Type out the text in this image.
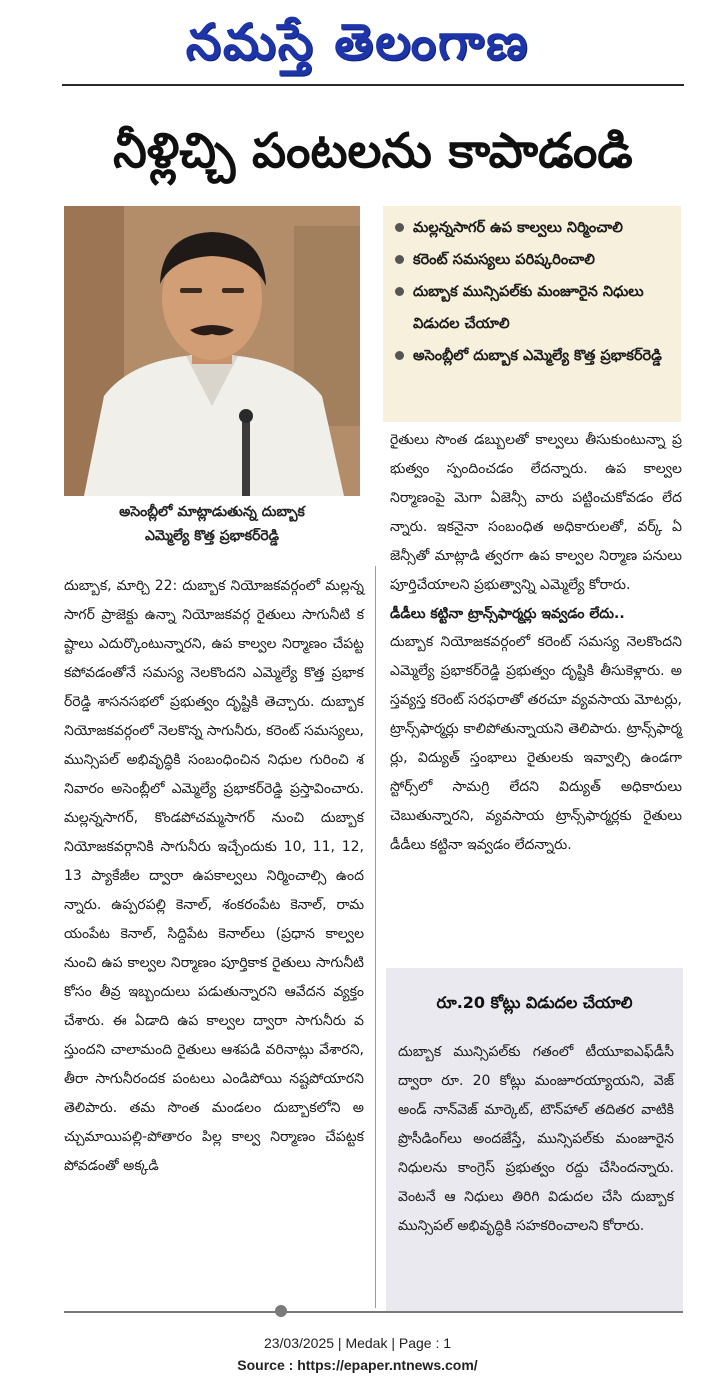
నమస్తే తెలంగాణ
నీళ్లిచ్చి పంటలను కాపాడండి
అసెంబ్లీలో మాట్లాడుతున్న దుబ్బాక
ఎమ్మెల్యే కొత్త ప్రభాకర్‌రెడ్డి
మల్లన్నసాగర్ ఉప కాల్వలు నిర్మించాలి
కరెంట్ సమస్యలు పరిష్కరించాలి
దుబ్బాక మున్సిపల్‌కు మంజూరైన నిధులు విడుదల చేయాలి
అసెంబ్లీలో దుబ్బాక ఎమ్మెల్యే కొత్త ప్రభాకర్‌రెడ్డి

దుబ్బాక, మార్చి 22: దుబ్బాక నియోజకవర్గంలో మల్లన్నసాగర్ ప్రాజెక్టు ఉన్నా నియోజకవర్గ రైతులు సాగునీటి కష్టాలు ఎదుర్కొంటున్నారని, ఉప కాల్వల నిర్మాణం చేపట్టకపోవడంతోనే సమస్య నెలకొందని ఎమ్మెల్యే కొత్త ప్రభాకర్‌రెడ్డి శాసనసభలో ప్రభుత్వం దృష్టికి తెచ్చారు. దుబ్బాక నియోజకవర్గంలో నెలకొన్న సాగునీరు, కరెంట్ సమస్యలు, మున్సిపల్ అభివృద్ధికి సంబంధించిన నిధుల గురించి శనివారం అసెంబ్లీలో ఎమ్మెల్యే ప్రభాకర్‌రెడ్డి ప్రస్తావించారు. మల్లన్నసాగర్, కొండపోచమ్మసాగర్ నుంచి దుబ్బాక నియోజకవర్గానికి సాగునీరు ఇచ్చేందుకు 10, 11, 12, 13 ప్యాకేజీల ద్వారా ఉపకాల్వలు నిర్మించాల్సి ఉందన్నారు. ఉప్పరపల్లి కెనాల్, శంకరంపేట కెనాల్, రామయంపేట కెనాల్, సిద్దిపేట కెనాల్‌లు (ప్రధాన కాల్వల నుంచి ఉప కాల్వల నిర్మాణం పూర్తికాక రైతులు సాగునీటి కోసం తీవ్ర ఇబ్బందులు పడుతున్నారని ఆవేదన వ్యక్తం చేశారు. ఈ ఏడాది ఉప కాల్వల ద్వారా సాగునీరు వస్తుందని చాలామంది రైతులు ఆశపడి వరినాట్లు వేశారని, తీరా సాగునీరందక పంటలు ఎండిపోయి నష్టపోయారని తెలిపారు. తమ సొంత మండలం దుబ్బాకలోని అచ్చుమాయిపల్లి-పోతారం పిల్ల కాల్వ నిర్మాణం చేపట్టకపోవడంతో అక్కడి

రైతులు సొంత డబ్బులతో కాల్వలు తీసుకుంటున్నా ప్రభుత్వం స్పందించడం లేదన్నారు. ఉప కాల్వల నిర్మాణంపై మెగా ఏజెన్సీ వారు పట్టించుకోవడం లేదన్నారు. ఇకనైనా సంబంధిత అధికారులతో, వర్క్ ఏజెన్సీతో మాట్లాడి త్వరగా ఉప కాల్వల నిర్మాణ పనులు పూర్తిచేయాలని ప్రభుత్వాన్ని ఎమ్మెల్యే కోరారు.

డీడీలు కట్టినా ట్రాన్స్‌ఫార్మర్లు ఇవ్వడం లేదు..

దుబ్బాక నియోజకవర్గంలో కరెంట్ సమస్య నెలకొందని ఎమ్మెల్యే ప్రభాకర్‌రెడ్డి ప్రభుత్వం దృష్టికి తీసుకెళ్లారు. అస్తవ్యస్త కరెంట్ సరఫరాతో తరచూ వ్యవసాయ మోటర్లు, ట్రాన్స్‌ఫార్మర్లు కాలిపోతున్నాయని తెలిపారు. ట్రాన్స్‌ఫార్మర్లు, విద్యుత్ స్తంభాలు రైతులకు ఇవ్వాల్సి ఉండగా స్టోర్స్‌లో సామగ్రి లేదని విద్యుత్ అధికారులు చెబుతున్నారని, వ్యవసాయ ట్రాన్స్‌ఫార్మర్లకు రైతులు డీడీలు కట్టినా ఇవ్వడం లేదన్నారు.

రూ.20 కోట్లు విడుదల చేయాలి
దుబ్బాక మున్సిపల్‌కు గతంలో టీయూఐఎఫ్‌డీసీ ద్వారా రూ. 20 కోట్లు మంజూరయ్యాయని, వెజ్ అండ్ నాన్‌వెజ్ మార్కెట్, టౌన్‌హాల్ తదితర వాటికి ప్రొసీడింగ్‌లు అందజేస్తే, మున్సిపల్‌కు మంజూరైన నిధులను కాంగ్రెస్ ప్రభుత్వం రద్దు చేసిందన్నారు. వెంటనే ఆ నిధులు తిరిగి విడుదల చేసి దుబ్బాక మున్సిపల్ అభివృద్ధికి సహకరించాలని కోరారు.
23/03/2025 | Medak | Page : 1
Source : https://epaper.ntnews.com/
